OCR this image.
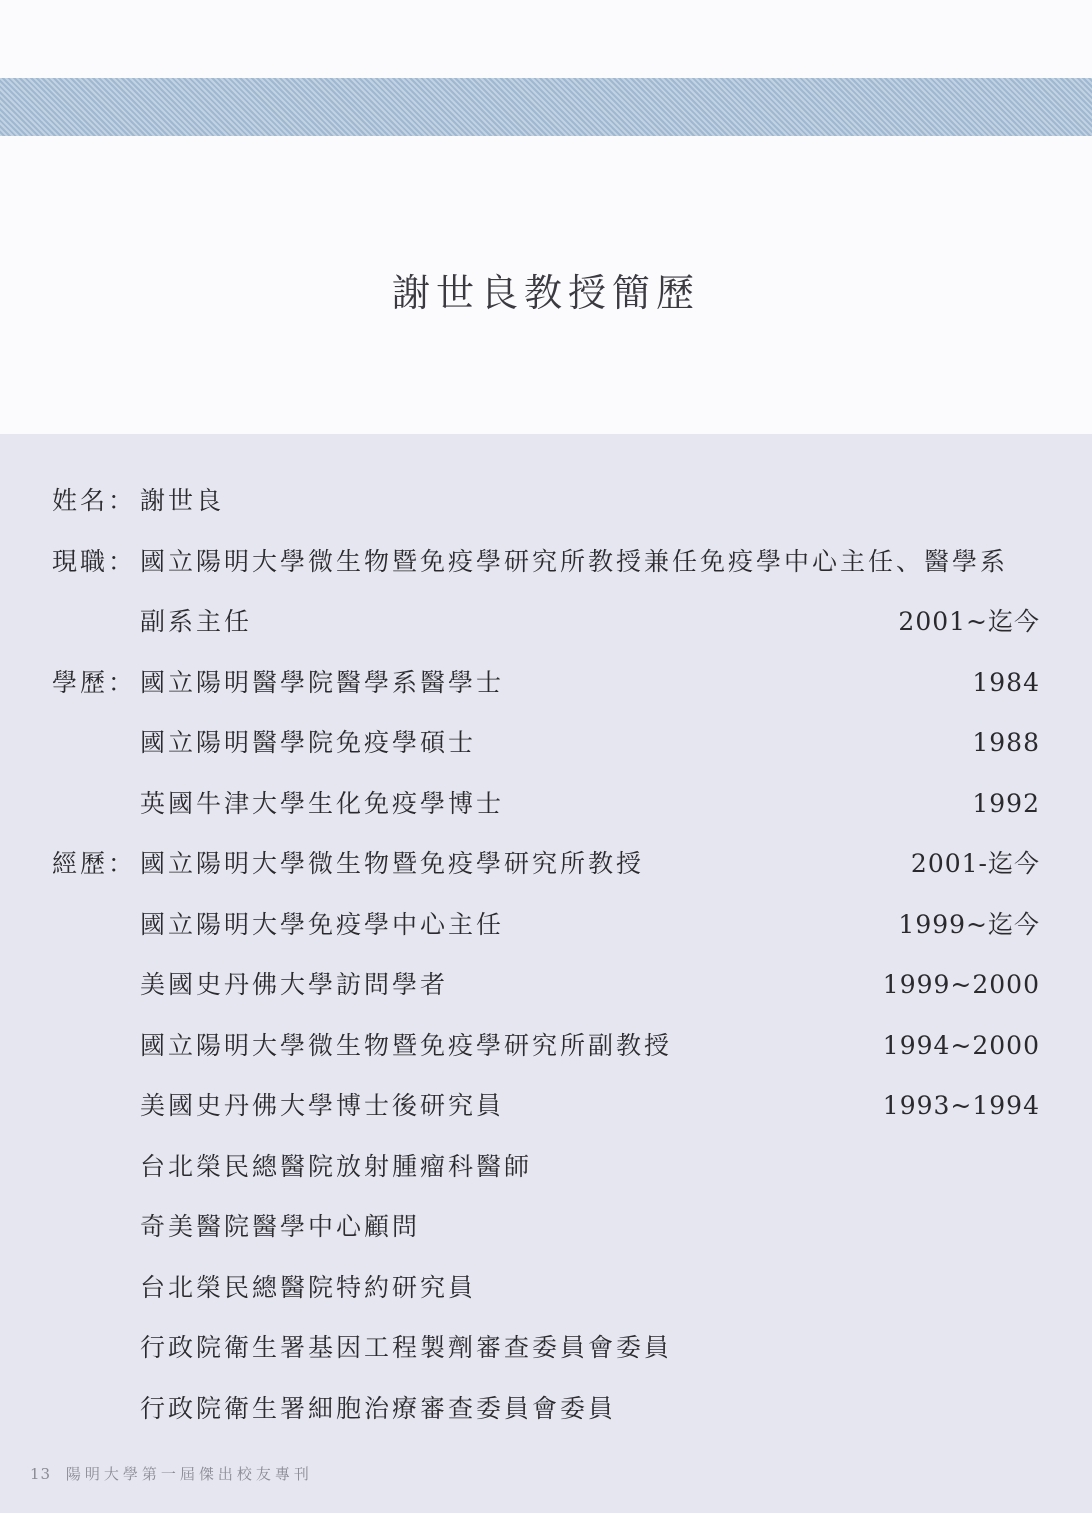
謝世良教授簡歷
姓名： 謝世良
現職： 國立陽明大學微生物暨免疫學研究所教授兼任免疫學中心主任、醫學系
副系主任	2001~迄今
學歷： 國立陽明醫學院醫學系醫學士	1984
國立陽明醫學院免疫學碩士	1988
英國牛津大學生化免疫學博士	1992
經歷： 國立陽明大學微生物暨免疫學研究所教授	2001-迄今
國立陽明大學免疫學中心主任	1999~迄今
美國史丹佛大學訪問學者	1999~2000
國立陽明大學微生物暨免疫學研究所副教授	1994~2000
美國史丹佛大學博士後研究員	1993~1994
台北榮民總醫院放射腫瘤科醫師
奇美醫院醫學中心顧問
台北榮民總醫院特約研究員
行政院衛生署基因工程製劑審查委員會委員
行政院衛生署細胞治療審查委員會委員
13 陽明大學第一屆傑出校友專刊
